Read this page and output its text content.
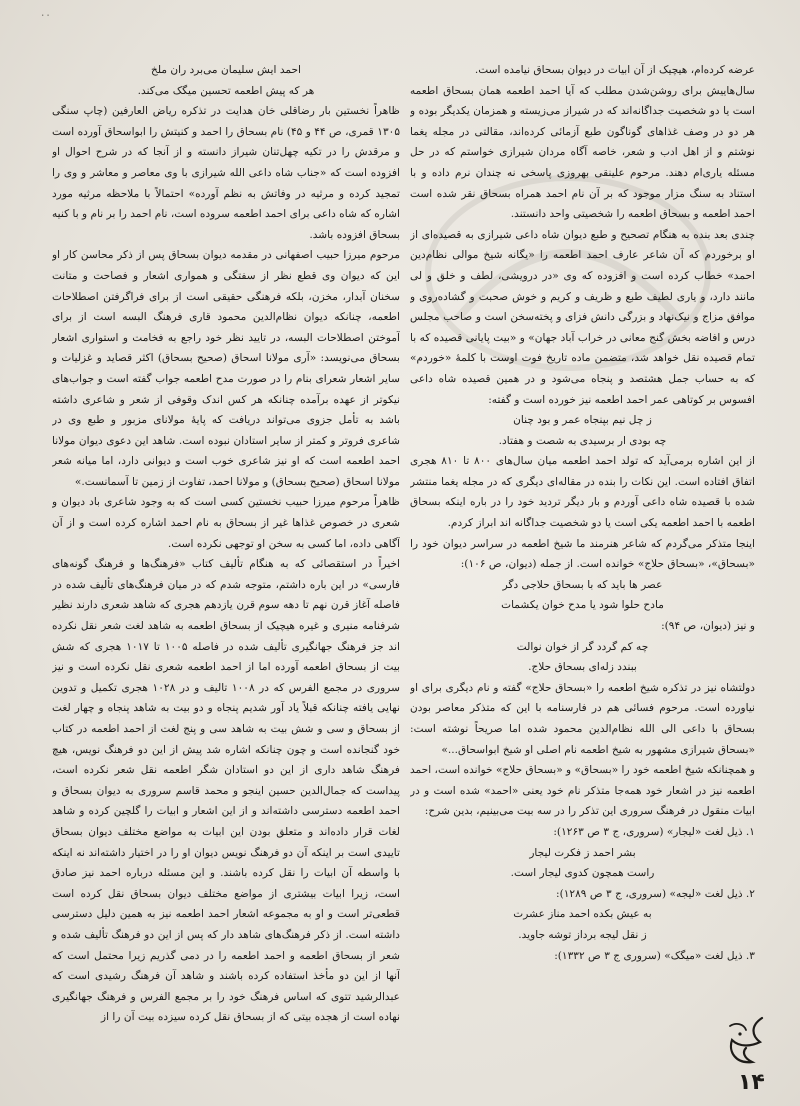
۰۰

عرضه کرده‌ام، هیچیک از آن ابیات در دیوان بسحاق نیامده است.

سال‌هاییش برای روشن‌شدن مطلب که آیا احمد اطعمه همان بسحاق اطعمه است یا دو شخصیت جداگانه‌اند که در شیراز می‌زیسته و همزمان یکدیگر بوده و هر دو در وصف غذاهای گوناگون طبع آزمائی کرده‌اند، مقالتی در مجله یغما نوشتم و از اهل ادب و شعر، خاصه آگاه مردان شیرازی خواستم که در حل مسئله یاری‌ام دهند. مرحوم علینقی بهروزی پاسخی نه چندان نرم داده و با استناد به سنگ مزار موجود که بر آن نام احمد همراه بسحاق نقر شده است احمد اطعمه و بسحاق اطعمه را شخصیتی واحد دانستند.

چندی بعد بنده به هنگام تصحیح و طبع دیوان شاه داعی شیرازی به قصیده‌ای از او برخوردم که آن شاعر عارف احمد اطعمه را «یگانه شیخ موالی نظام‌دین احمد» خطاب کرده است و افزوده که وی «در درویشی، لطف و خلق و لی مانند دارد، و یاری لطیف طبع و ظریف و کریم و خوش صحبت و گشاده‌روی و موافق مزاج و نیک‌نهاد و بزرگی دانش فزای و پخته‌سخن است و صاحب مجلس درس و افاضه بخش گنج معانی در خراب آباد جهان» و «بیت پایانی قصیده که با تمام قصیده نقل خواهد شد، متضمن ماده تاریخ فوت اوست با کلمهٔ «خوردم» که به حساب جمل هشتصد و پنجاه می‌شود و در همین قصیده شاه داعی افسوس بر کوتاهی عمر احمد اطعمه نیز خورده است و گفته:

ز چل نیم بپنجاه عمر و بود چنان

چه بودی ار برسیدی به شصت و هفتاد.

از این اشاره برمی‌آید که تولد احمد اطعمه میان سال‌های ۸۰۰ تا ۸۱۰ هجری اتفاق افتاده است. این نکات را بنده در مقاله‌ای دیگری که در مجله یغما منتشر شده با قصیده شاه داعی آوردم و بار دیگر تردید خود را در باره اینکه بسحاق اطعمه با احمد اطعمه یکی است یا دو شخصیت جداگانه اند ابراز کردم.

اینجا متذکر می‌گردم که شاعر هنرمند ما شیخ اطعمه در سراسر دیوان خود را «بسحاق»، «بسحاق حلاج» خوانده است. از جمله (دیوان، ص ۱۰۶):

عصر ها باید که با بسحاق حلاجی دگر

مادح حلوا شود یا مدح خوان یکشمات

و نیز (دیوان، ص ۹۴):

چه کم گردد گر از خوان نوالت

ببندد زله‌ای بسحاق حلاج.

دولتشاه نیز در تذکره شیخ اطعمه را «بسحاق حلاج» گفته و نام دیگری برای او نیاورده است. مرحوم فسائی هم در فارسنامه با این که متذکر معاصر بودن بسحاق با داعی الی الله نظام‌الدین محمود شده اما صریحاً نوشته است: «بسحاق شیرازی مشهور به شیخ اطعمه نام اصلی او شیخ ابواسحاق...»

و همچنانکه شیخ اطعمه خود را «بسحاق» و «بسحاق حلاج» خوانده است، احمد اطعمه نیز در اشعار خود همه‌جا متذکر نام خود یعنی «احمد» شده است و در ابیات منقول در فرهنگ سروری این تذکر را در سه بیت می‌بینیم، بدین شرح:

۱. ذیل لغت «لیجار» (سروری، ج ۳ ص ۱۲۶۳):

بشر احمد ز فکرت لیجار

راست همچون کدوی لیجار است.

۲. ذیل لغت «لیجه» (سروری، ج ۳ ص ۱۲۸۹):

به عیش بکده احمد مناز عشرت

ز نقل لیجه برداز توشه جاوید.

۳. ذیل لغت «میگک» (سروری ج ۳ ص ۱۳۳۲):

احمد ایش سلیمان می‌برد ران ملخ

هر که پیش اطعمه تحسین میگک می‌کند.

ظاهراً نخستین بار رضاقلی خان هدایت در تذکره ریاض العارفین (چاپ سنگی ۱۳۰۵ قمری، ص ۴۴ و ۴۵) نام بسحاق را احمد و کنیتش را ابواسحاق آورده است و مرقدش را در تکیه چهل‌تنان شیراز دانسته و از آنجا که در شرح احوال او افزوده است که «جناب شاه داعی الله شیرازی با وی معاصر و معاشر و وی را تمجید کرده و مرثیه در وفاتش به نظم آورده» احتمالاً با ملاحظه مرثیه مورد اشاره که شاه داعی برای احمد اطعمه سروده است، نام احمد را بر نام و با کنیه بسحاق افزوده باشد.

مرحوم میرزا حبیب اصفهانی در مقدمه دیوان بسحاق پس از ذکر محاسن کار او این که دیوان وی قطع نظر از سفتگی و همواری اشعار و فصاحت و متانت سخنان آبدار، مخزن، بلکه فرهنگی حقیقی است از برای فراگرفتن اصطلاحات اطعمه، چنانکه دیوان نظام‌الدین محمود قاری فرهنگ البسه است از برای آموختن اصطلاحات البسه، در تایید نظر خود راجع به فخامت و استواری اشعار بسحاق می‌نویسد: «آری مولانا اسحاق (صحیح بسحاق) اکثر قصاید و غزلیات و سایر اشعار شعرای بنام را در صورت مدح اطعمه جواب گفته است و جواب‌های نیکوتر از عهده برآمده چنانکه هر کس اندک وقوفی از شعر و شاعری داشته باشد به تأمل جزوی می‌تواند دریافت که پایهٔ مولانای مزبور و طبع وی در شاعری فروتر و کمتر از سایر استادان نبوده است. شاهد این دعوی دیوان مولانا احمد اطعمه است که او نیز شاعری خوب است و دیوانی دارد، اما میانه شعر مولانا اسحاق (صحیح بسحاق) و مولانا احمد، تفاوت از زمین تا آسمانست.»

ظاهراً مرحوم میرزا حبیب نخستین کسی است که به وجود شاعری باد دیوان و شعری در خصوص غذاها غیر از بسحاق به نام احمد اشاره کرده است و از آن آگاهی داده، اما کسی به سخن او توجهی نکرده است.

اخیراً در استقصائی که به هنگام تألیف کتاب «فرهنگ‌ها و فرهنگ گونه‌های فارسی» در این باره داشتم، متوجه شدم که در میان فرهنگ‌های تألیف شده در فاصله آغاز قرن نهم تا دهه سوم قرن یازدهم هجری که شاهد شعری دارند نظیر شرفنامه منیری و غیره هیچیک از بسحاق اطعمه به شاهد لغت شعر نقل نکرده اند جز فرهنگ جهانگیری تألیف شده در فاصله ۱۰۰۵ تا ۱۰۱۷ هجری که شش بیت از بسحاق اطعمه آورده اما از احمد اطعمه شعری نقل نکرده است و نیز سروری در مجمع الفرس که در ۱۰۰۸ تالیف و در ۱۰۲۸ هجری تکمیل و تدوین نهایی یافته چنانکه قبلاً یاد آور شدیم پنجاه و دو بیت به شاهد پنجاه و چهار لغت از بسحاق و سی و شش بیت به شاهد سی و پنج لغت از احمد اطعمه در کتاب خود گنجانده است و چون چنانکه اشاره شد پیش از این دو فرهنگ نویس، هیچ فرهنگ شاهد داری از این دو استادان شگر اطعمه نقل شعر نکرده است، پیداست که جمال‌الدین حسین اینجو و محمد قاسم سروری به دیوان بسحاق و احمد اطعمه دسترسی داشته‌اند و از این اشعار و ابیات را گلچین کرده و شاهد لغات قرار داده‌اند و متعلق بودن این ابیات به مواضع مختلف دیوان بسحاق تاییدی است بر اینکه آن دو فرهنگ نویس دیوان او را در اختیار داشته‌اند نه اینکه با واسطه آن ابیات را نقل کرده باشند. و این مسئله درباره احمد نیز صادق است، زیرا ابیات بیشتری از مواضع مختلف دیوان بسحاق نقل کرده است قطعی‌تر است و او به مجموعه اشعار احمد اطعمه نیز به همین دلیل دسترسی داشته است. از ذکر فرهنگ‌های شاهد دار که پس از این دو فرهنگ تألیف شده و شعر از بسحاق اطعمه و احمد اطعمه را در دمی گذریم زیرا محتمل است که آنها از این دو مأخذ استفاده کرده باشند و شاهد آن فرهنگ رشیدی است که عبدالرشید تتوی که اساس فرهنگ خود را بر مجمع الفرس و فرهنگ جهانگیری نهاده است از هجده بیتی که از بسحاق نقل کرده سیزده بیت آن را از

۱۴
